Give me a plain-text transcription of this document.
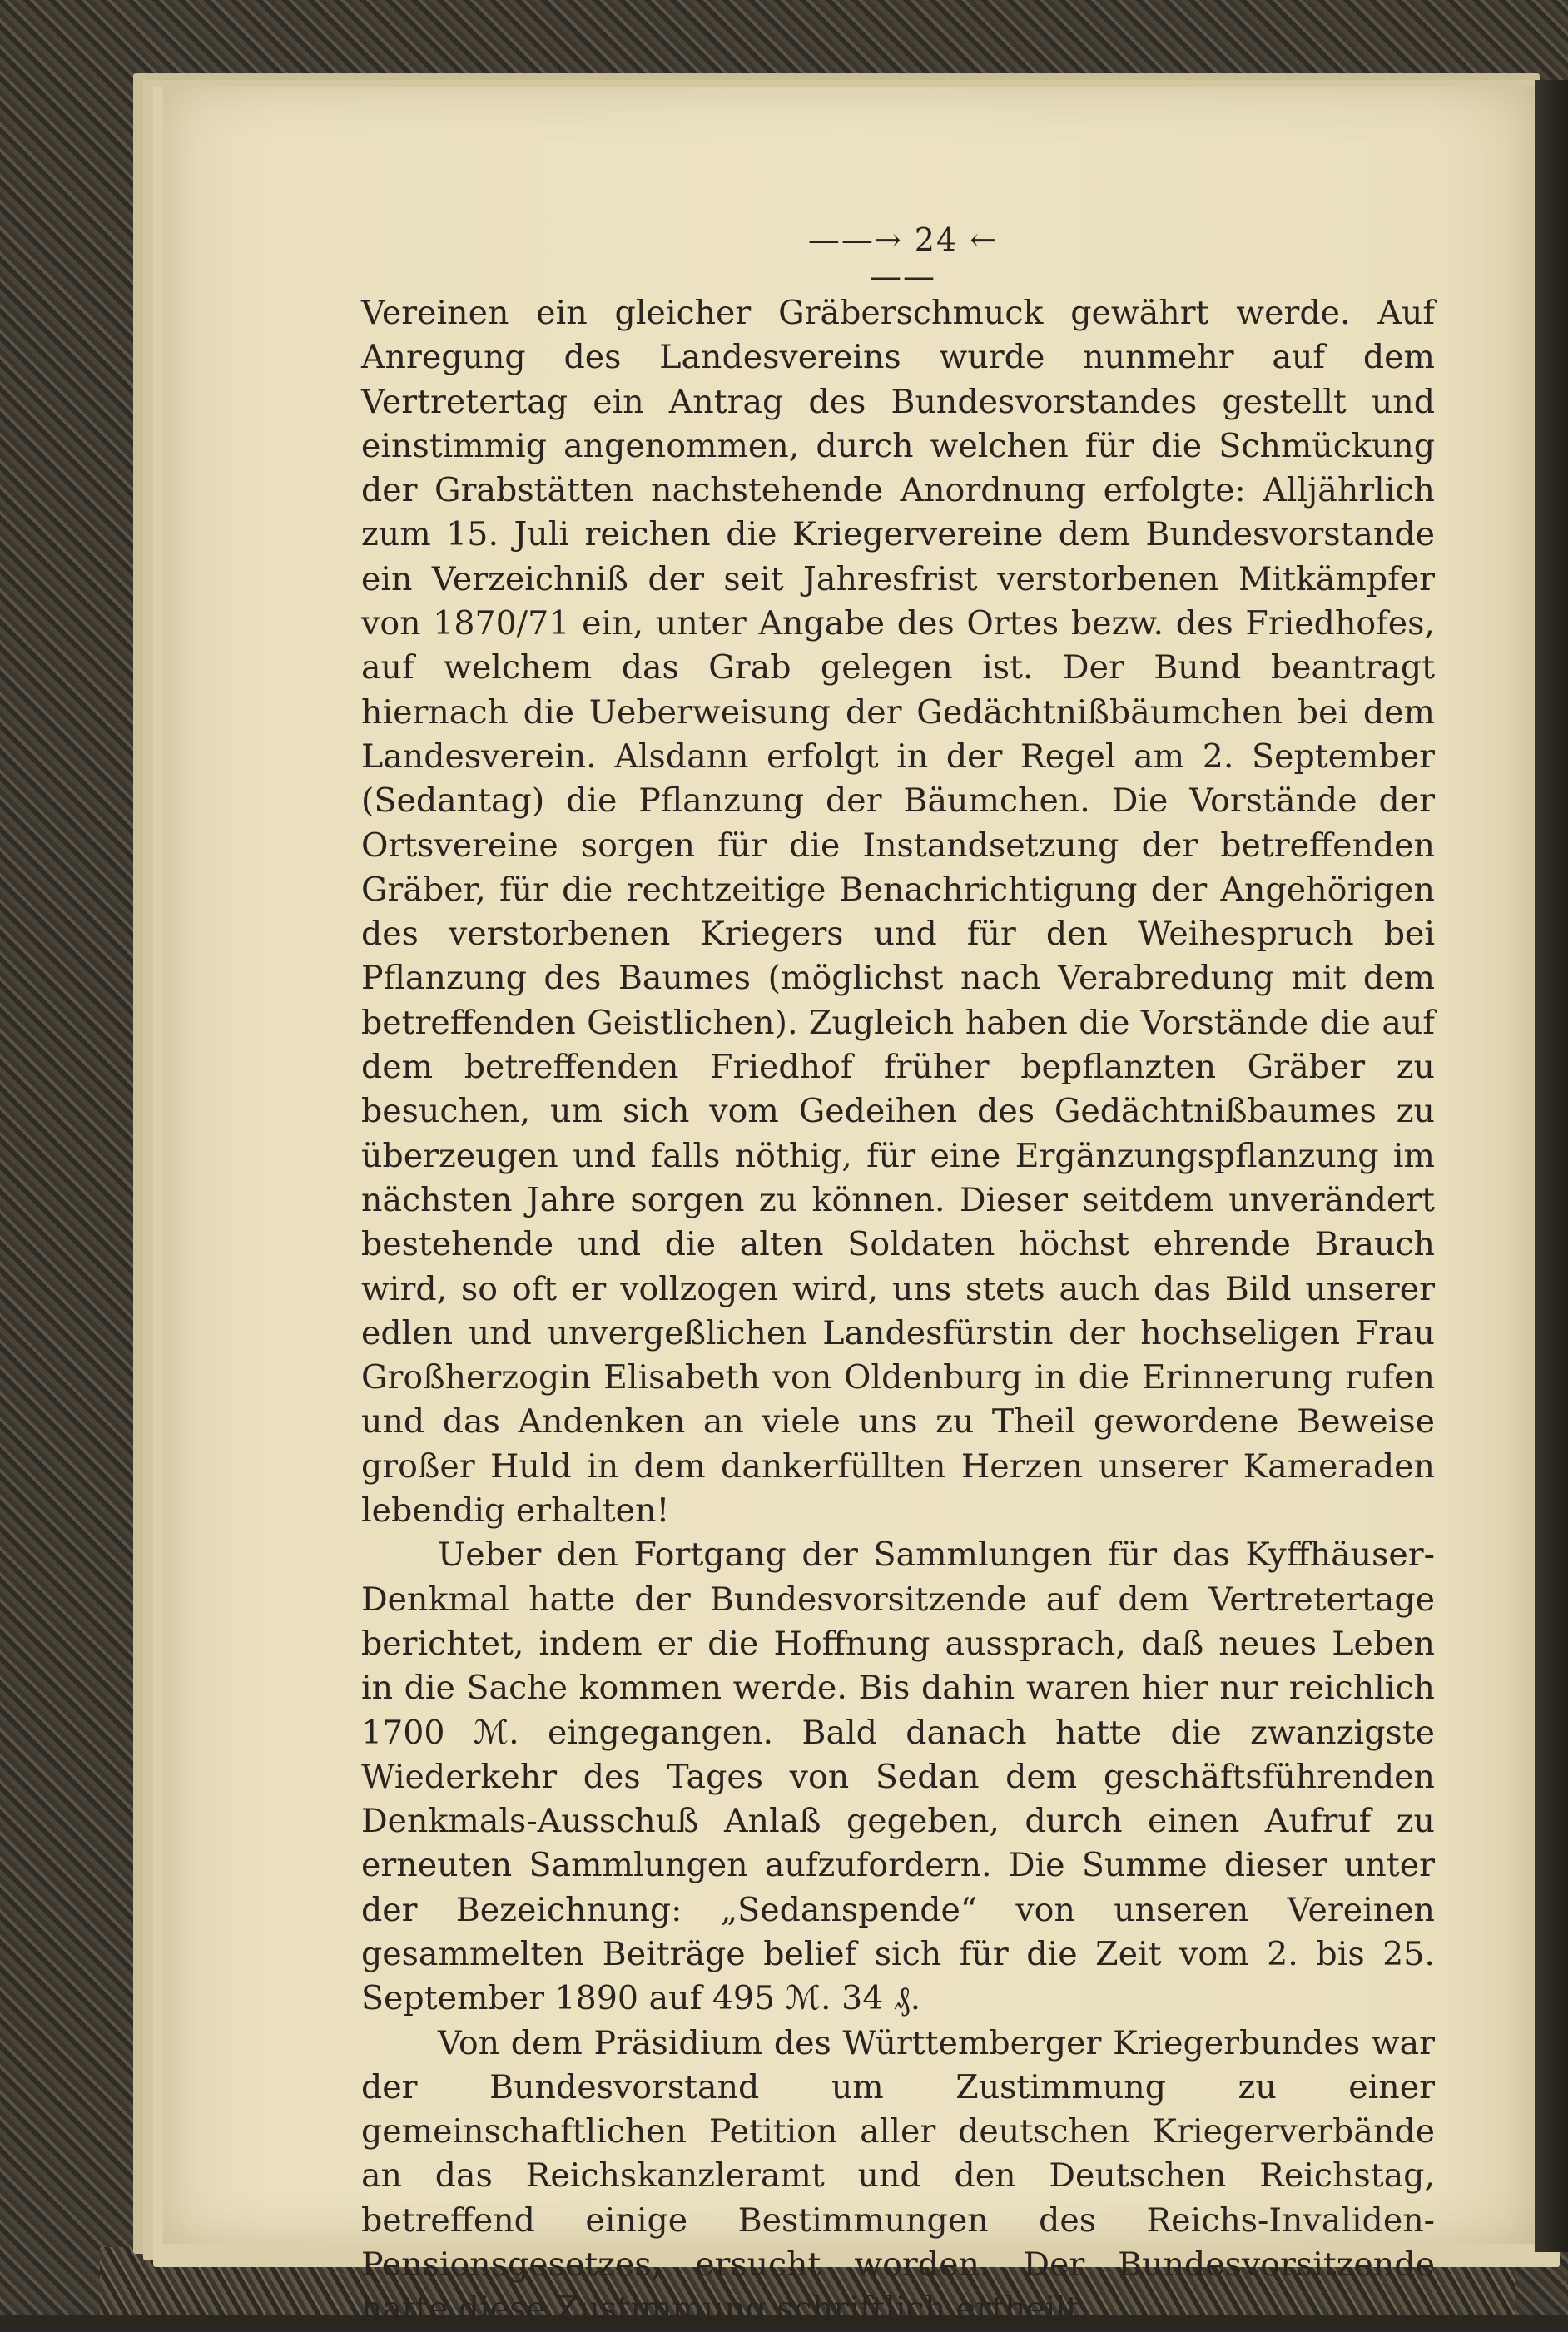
——→ 24 ←——

Vereinen ein gleicher Gräberschmuck gewährt werde. Auf Anregung des Landesvereins wurde nunmehr auf dem Vertretertag ein Antrag des Bundesvorstandes gestellt und einstimmig angenommen, durch welchen für die Schmückung der Grabstätten nachstehende Anordnung erfolgte: Alljährlich zum 15. Juli reichen die Kriegervereine dem Bundesvorstande ein Verzeichniß der seit Jahresfrist verstorbenen Mitkämpfer von 1870/71 ein, unter Angabe des Ortes bezw. des Friedhofes, auf welchem das Grab gelegen ist. Der Bund beantragt hiernach die Ueberweisung der Gedächtnißbäumchen bei dem Landesverein. Alsdann erfolgt in der Regel am 2. September (Sedantag) die Pflanzung der Bäumchen. Die Vorstände der Ortsvereine sorgen für die Instandsetzung der betreffenden Gräber, für die rechtzeitige Benachrichtigung der Angehörigen des verstorbenen Kriegers und für den Weihespruch bei Pflanzung des Baumes (möglichst nach Verabredung mit dem betreffenden Geistlichen). Zugleich haben die Vorstände die auf dem betreffenden Friedhof früher bepflanzten Gräber zu besuchen, um sich vom Gedeihen des Gedächtnißbaumes zu überzeugen und falls nöthig, für eine Ergänzungspflanzung im nächsten Jahre sorgen zu können. Dieser seitdem unverändert bestehende und die alten Soldaten höchst ehrende Brauch wird, so oft er vollzogen wird, uns stets auch das Bild unserer edlen und unvergeßlichen Landesfürstin der hochseligen Frau Großherzogin Elisabeth von Oldenburg in die Erinnerung rufen und das Andenken an viele uns zu Theil gewordene Beweise großer Huld in dem dankerfüllten Herzen unserer Kameraden lebendig erhalten!

Ueber den Fortgang der Sammlungen für das Kyffhäuser-Denkmal hatte der Bundesvorsitzende auf dem Vertretertage berichtet, indem er die Hoffnung aussprach, daß neues Leben in die Sache kommen werde. Bis dahin waren hier nur reichlich 1700 ℳ. eingegangen. Bald danach hatte die zwanzigste Wiederkehr des Tages von Sedan dem geschäftsführenden Denkmals-Ausschuß Anlaß gegeben, durch einen Aufruf zu erneuten Sammlungen aufzufordern. Die Summe dieser unter der Bezeichnung: „Sedanspende“ von unseren Vereinen gesammelten Beiträge belief sich für die Zeit vom 2. bis 25. September 1890 auf 495 ℳ. 34 ₰.

Von dem Präsidium des Württemberger Kriegerbundes war der Bundesvorstand um Zustimmung zu einer gemeinschaftlichen Petition aller deutschen Kriegerverbände an das Reichskanzleramt und den Deutschen Reichstag, betreffend einige Bestimmungen des Reichs-Invaliden-Pensionsgesetzes, ersucht worden. Der Bundesvorsitzende hatte diese Zustimmung schriftlich ertheilt.
